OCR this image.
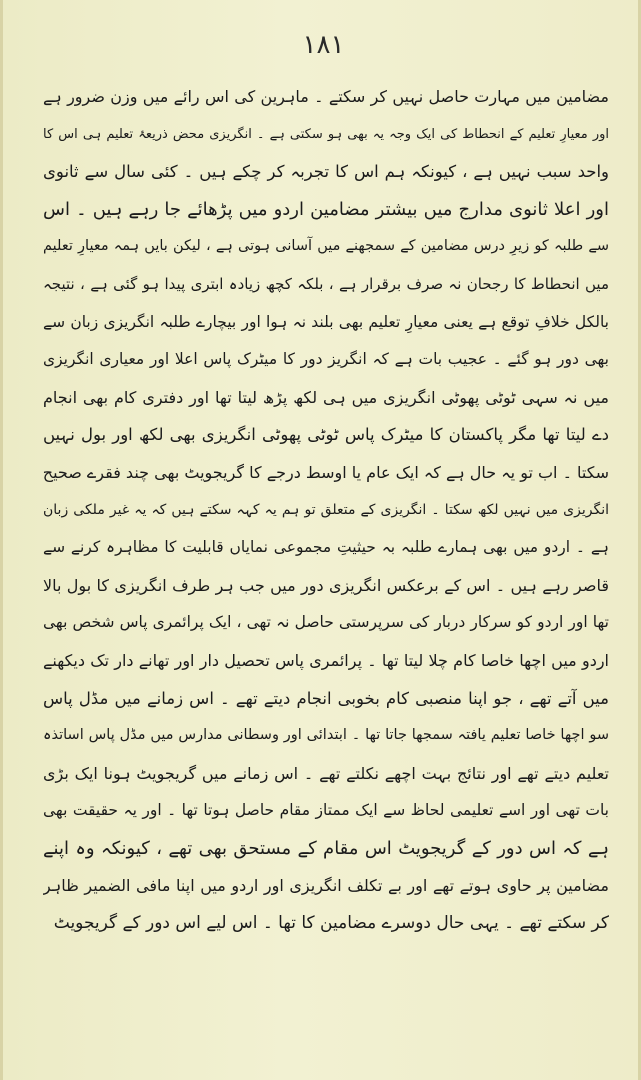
۱۸۱
مضامین میں مہارت حاصل نہیں کر سکتے ۔ ماہرین کی اس رائے میں وزن ضرور ہے
اور معیارِ تعلیم کے انحطاط کی ایک وجہ یہ بھی ہو سکتی ہے ۔ انگریزی محض ذریعۂ تعلیم ہی اس کا
واحد سبب نہیں ہے ، کیونکہ ہم اس کا تجربہ کر چکے ہیں ۔ کئی سال سے ثانوی
اور اعلا ثانوی مدارج میں بیشتر مضامین اردو میں پڑھائے جا رہے ہیں ۔ اس
سے طلبہ کو زیرِ درس مضامین کے سمجھنے میں آسانی ہوتی ہے ، لیکن بایں ہمہ معیارِ تعلیم
میں انحطاط کا رجحان نہ صرف برقرار ہے ، بلکہ کچھ زیادہ ابتری پیدا ہو گئی ہے ، نتیجہ
بالکل خلافِ توقع ہے یعنی معیارِ تعلیم بھی بلند نہ ہوا اور بیچارے طلبہ انگریزی زبان سے
بھی دور ہو گئے ۔ عجیب بات ہے کہ انگریز دور کا میٹرک پاس اعلا اور معیاری انگریزی
میں نہ سہی ٹوٹی پھوٹی انگریزی میں ہی لکھ پڑھ لیتا تھا اور دفتری کام بھی انجام
دے لیتا تھا مگر پاکستان کا میٹرک پاس ٹوٹی پھوٹی انگریزی بھی لکھ اور بول نہیں
سکتا ۔ اب تو یہ حال ہے کہ ایک عام یا اوسط درجے کا گریجویٹ بھی چند فقرے صحیح
انگریزی میں نہیں لکھ سکتا ۔ انگریزی کے متعلق تو ہم یہ کہہ سکتے ہیں کہ یہ غیر ملکی زبان
ہے ۔ اردو میں بھی ہمارے طلبہ بہ حیثیتِ مجموعی نمایاں قابلیت کا مظاہرہ کرنے سے
قاصر رہے ہیں ۔ اس کے برعکس انگریزی دور میں جب ہر طرف انگریزی کا بول بالا
تھا اور اردو کو سرکار دربار کی سرپرستی حاصل نہ تھی ، ایک پرائمری پاس شخص بھی
اردو میں اچھا خاصا کام چلا لیتا تھا ۔ پرائمری پاس تحصیل دار اور تھانے دار تک دیکھنے
میں آتے تھے ، جو اپنا منصبی کام بخوبی انجام دیتے تھے ۔ اس زمانے میں مڈل پاس
سو اچھا خاصا تعلیم یافتہ سمجھا جاتا تھا ۔ ابتدائی اور وسطانی مدارس میں مڈل پاس اساتذہ
تعلیم دیتے تھے اور نتائج بہت اچھے نکلتے تھے ۔ اس زمانے میں گریجویٹ ہونا ایک بڑی
بات تھی اور اسے تعلیمی لحاظ سے ایک ممتاز مقام حاصل ہوتا تھا ۔ اور یہ حقیقت بھی
ہے کہ اس دور کے گریجویٹ اس مقام کے مستحق بھی تھے ، کیونکہ وہ اپنے
مضامین پر حاوی ہوتے تھے اور بے تکلف انگریزی اور اردو میں اپنا مافی الضمیر ظاہر
کر سکتے تھے ۔ یہی حال دوسرے مضامین کا تھا ۔ اس لیے اس دور کے گریجویٹ
